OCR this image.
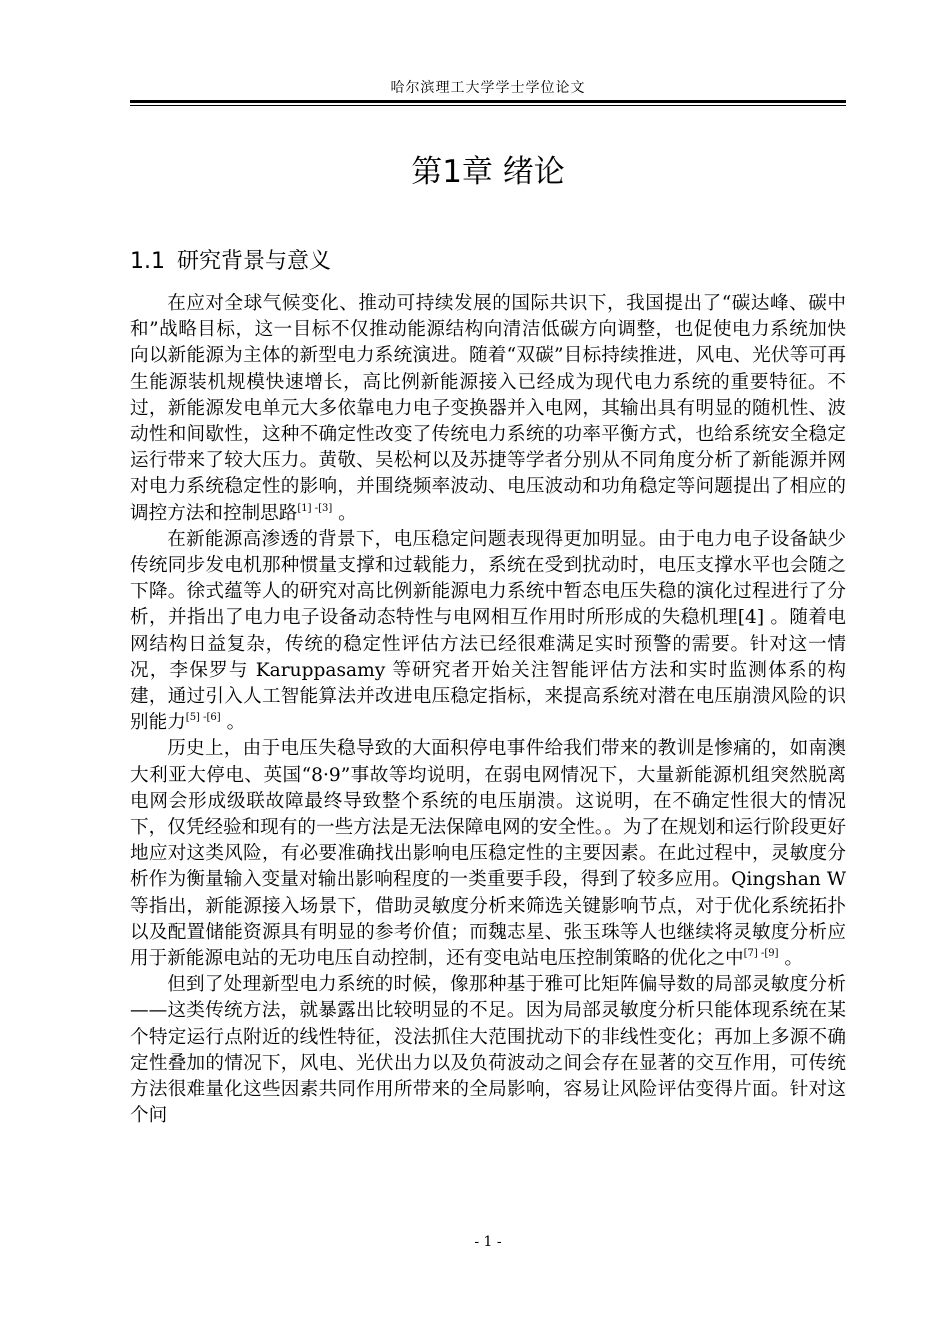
哈尔滨理工大学学士学位论文
第1章 绪论
1.1 研究背景与意义

在应对全球气候变化、推动可持续发展的国际共识下，我国提出了“碳达峰、碳中和”战略目标，这一目标不仅推动能源结构向清洁低碳方向调整，也促使电力系统加快向以新能源为主体的新型电力系统演进。随着“双碳”目标持续推进，风电、光伏等可再生能源装机规模快速增长，高比例新能源接入已经成为现代电力系统的重要特征。不过，新能源发电单元大多依靠电力电子变换器并入电网，其输出具有明显的随机性、波动性和间歇性，这种不确定性改变了传统电力系统的功率平衡方式，也给系统安全稳定运行带来了较大压力。黄敬、吴松柯以及苏捷等学者分别从不同角度分析了新能源并网对电力系统稳定性的影响，并围绕频率波动、电压波动和功角稳定等问题提出了相应的调控方法和控制思路[1] -[3] 。

在新能源高渗透的背景下，电压稳定问题表现得更加明显。由于电力电子设备缺少传统同步发电机那种惯量支撑和过载能力，系统在受到扰动时，电压支撑水平也会随之下降。徐式蕴等人的研究对高比例新能源电力系统中暂态电压失稳的演化过程进行了分析，并指出了电力电子设备动态特性与电网相互作用时所形成的失稳机理[4] 。随着电网结构日益复杂，传统的稳定性评估方法已经很难满足实时预警的需要。针对这一情况，李保罗与 Karuppasamy 等研究者开始关注智能评估方法和实时监测体系的构建，通过引入人工智能算法并改进电压稳定指标，来提高系统对潜在电压崩溃风险的识别能力[5] -[6] 。

历史上，由于电压失稳导致的大面积停电事件给我们带来的教训是惨痛的，如南澳大利亚大停电、英国“8·9”事故等均说明，在弱电网情况下，大量新能源机组突然脱离电网会形成级联故障最终导致整个系统的电压崩溃。这说明，在不确定性很大的情况下，仅凭经验和现有的一些方法是无法保障电网的安全性。。为了在规划和运行阶段更好地应对这类风险，有必要准确找出影响电压稳定性的主要因素。在此过程中，灵敏度分析作为衡量输入变量对输出影响程度的一类重要手段，得到了较多应用。Qingshan W 等指出，新能源接入场景下，借助灵敏度分析来筛选关键影响节点，对于优化系统拓扑以及配置储能资源具有明显的参考价值；而魏志星、张玉珠等人也继续将灵敏度分析应用于新能源电站的无功电压自动控制，还有变电站电压控制策略的优化之中[7] -[9] 。

但到了处理新型电力系统的时候，像那种基于雅可比矩阵偏导数的局部灵敏度分析——这类传统方法，就暴露出比较明显的不足。因为局部灵敏度分析只能体现系统在某个特定运行点附近的线性特征，没法抓住大范围扰动下的非线性变化；再加上多源不确定性叠加的情况下，风电、光伏出力以及负荷波动之间会存在显著的交互作用，可传统方法很难量化这些因素共同作用所带来的全局影响，容易让风险评估变得片面。针对这个问

- 1 -
